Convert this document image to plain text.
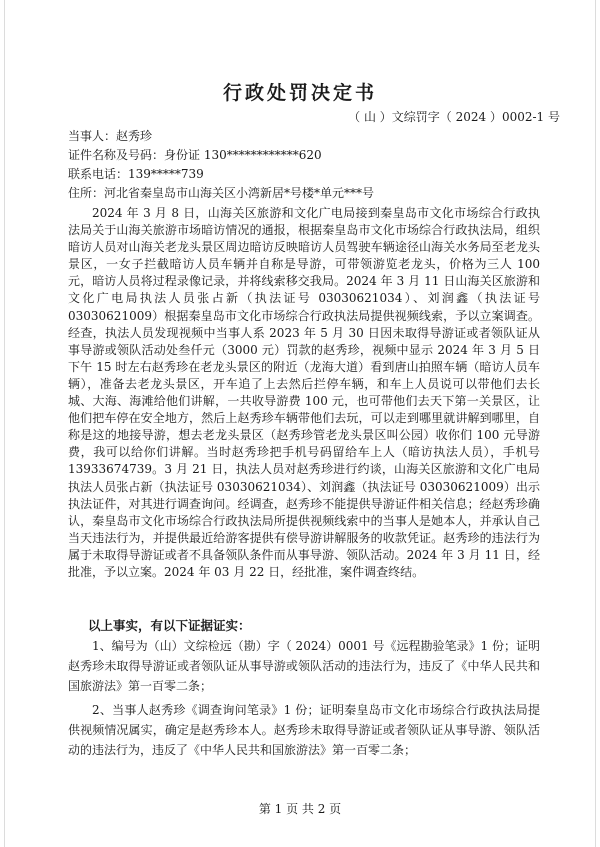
行政处罚决定书
（ 山 ）文综罚字（ 2024 ）0002-1 号
当事人：赵秀珍
证件名称及号码：身份证 130************620
联系电话：139*****739
住所：河北省秦皇岛市山海关区小湾新居*号楼*单元***号

2024 年 3 月 8 日，山海关区旅游和文化广电局接到秦皇岛市文化市场综合行政执法局关于山海关旅游市场暗访情况的通报，根据秦皇岛市文化市场综合行政执法局，组织暗访人员对山海关老龙头景区周边暗访反映暗访人员驾驶车辆途径山海关水务局至老龙头景区，一女子拦截暗访人员车辆并自称是导游，可带领游览老龙头，价格为三人 100 元，暗访人员将过程录像记录，并将线索移交我局。2024 年 3 月 11 日山海关区旅游和文化广电局执法人员张占新（执法证号 03030621034）、刘润鑫（执法证号 03030621009）根据秦皇岛市文化市场综合行政执法局提供视频线索，予以立案调查。经查，执法人员发现视频中当事人系 2023 年 5 月 30 日因未取得导游证或者领队证从事导游或领队活动处叁仟元（3000 元）罚款的赵秀珍，视频中显示 2024 年 3 月 5 日下午 15 时左右赵秀珍在老龙头景区的附近（龙海大道）看到唐山拍照车辆（暗访人员车辆），准备去老龙头景区，开车追了上去然后拦停车辆，和车上人员说可以带他们去长城、大海、海滩给他们讲解，一共收导游费 100 元，也可带他们去天下第一关景区，让他们把车停在安全地方，然后上赵秀珍车辆带他们去玩，可以走到哪里就讲解到哪里，自称是这的地接导游，想去老龙头景区（赵秀珍管老龙头景区叫公园）收你们 100 元导游费，我可以给你们讲解。当时赵秀珍把手机号码留给车上人（暗访执法人员），手机号 13933674739。3 月 21 日，执法人员对赵秀珍进行约谈，山海关区旅游和文化广电局执法人员张占新（执法证号 03030621034）、刘润鑫（执法证号 03030621009）出示执法证件，对其进行调查询问。经调查，赵秀珍不能提供导游证件相关信息；经赵秀珍确认，秦皇岛市文化市场综合行政执法局所提供视频线索中的当事人是她本人，并承认自己当天违法行为，并提供最近给游客提供有偿导游讲解服务的收款凭证。赵秀珍的违法行为属于未取得导游证或者不具备领队条件而从事导游、领队活动。2024 年 3 月 11 日，经批准，予以立案。2024 年 03 月 22 日，经批准，案件调查终结。

以上事实，有以下证据证实：

1、编号为（山）文综检远（勘）字（ 2024）0001 号《远程勘验笔录》1 份；证明赵秀珍未取得导游证或者领队证从事导游或领队活动的违法行为，违反了《中华人民共和国旅游法》第一百零二条；

2、当事人赵秀珍《调查询问笔录》1 份；证明秦皇岛市文化市场综合行政执法局提供视频情况属实，确定是赵秀珍本人。赵秀珍未取得导游证或者领队证从事导游、领队活动的违法行为，违反了《中华人民共和国旅游法》第一百零二条；

第 1 页 共 2 页
